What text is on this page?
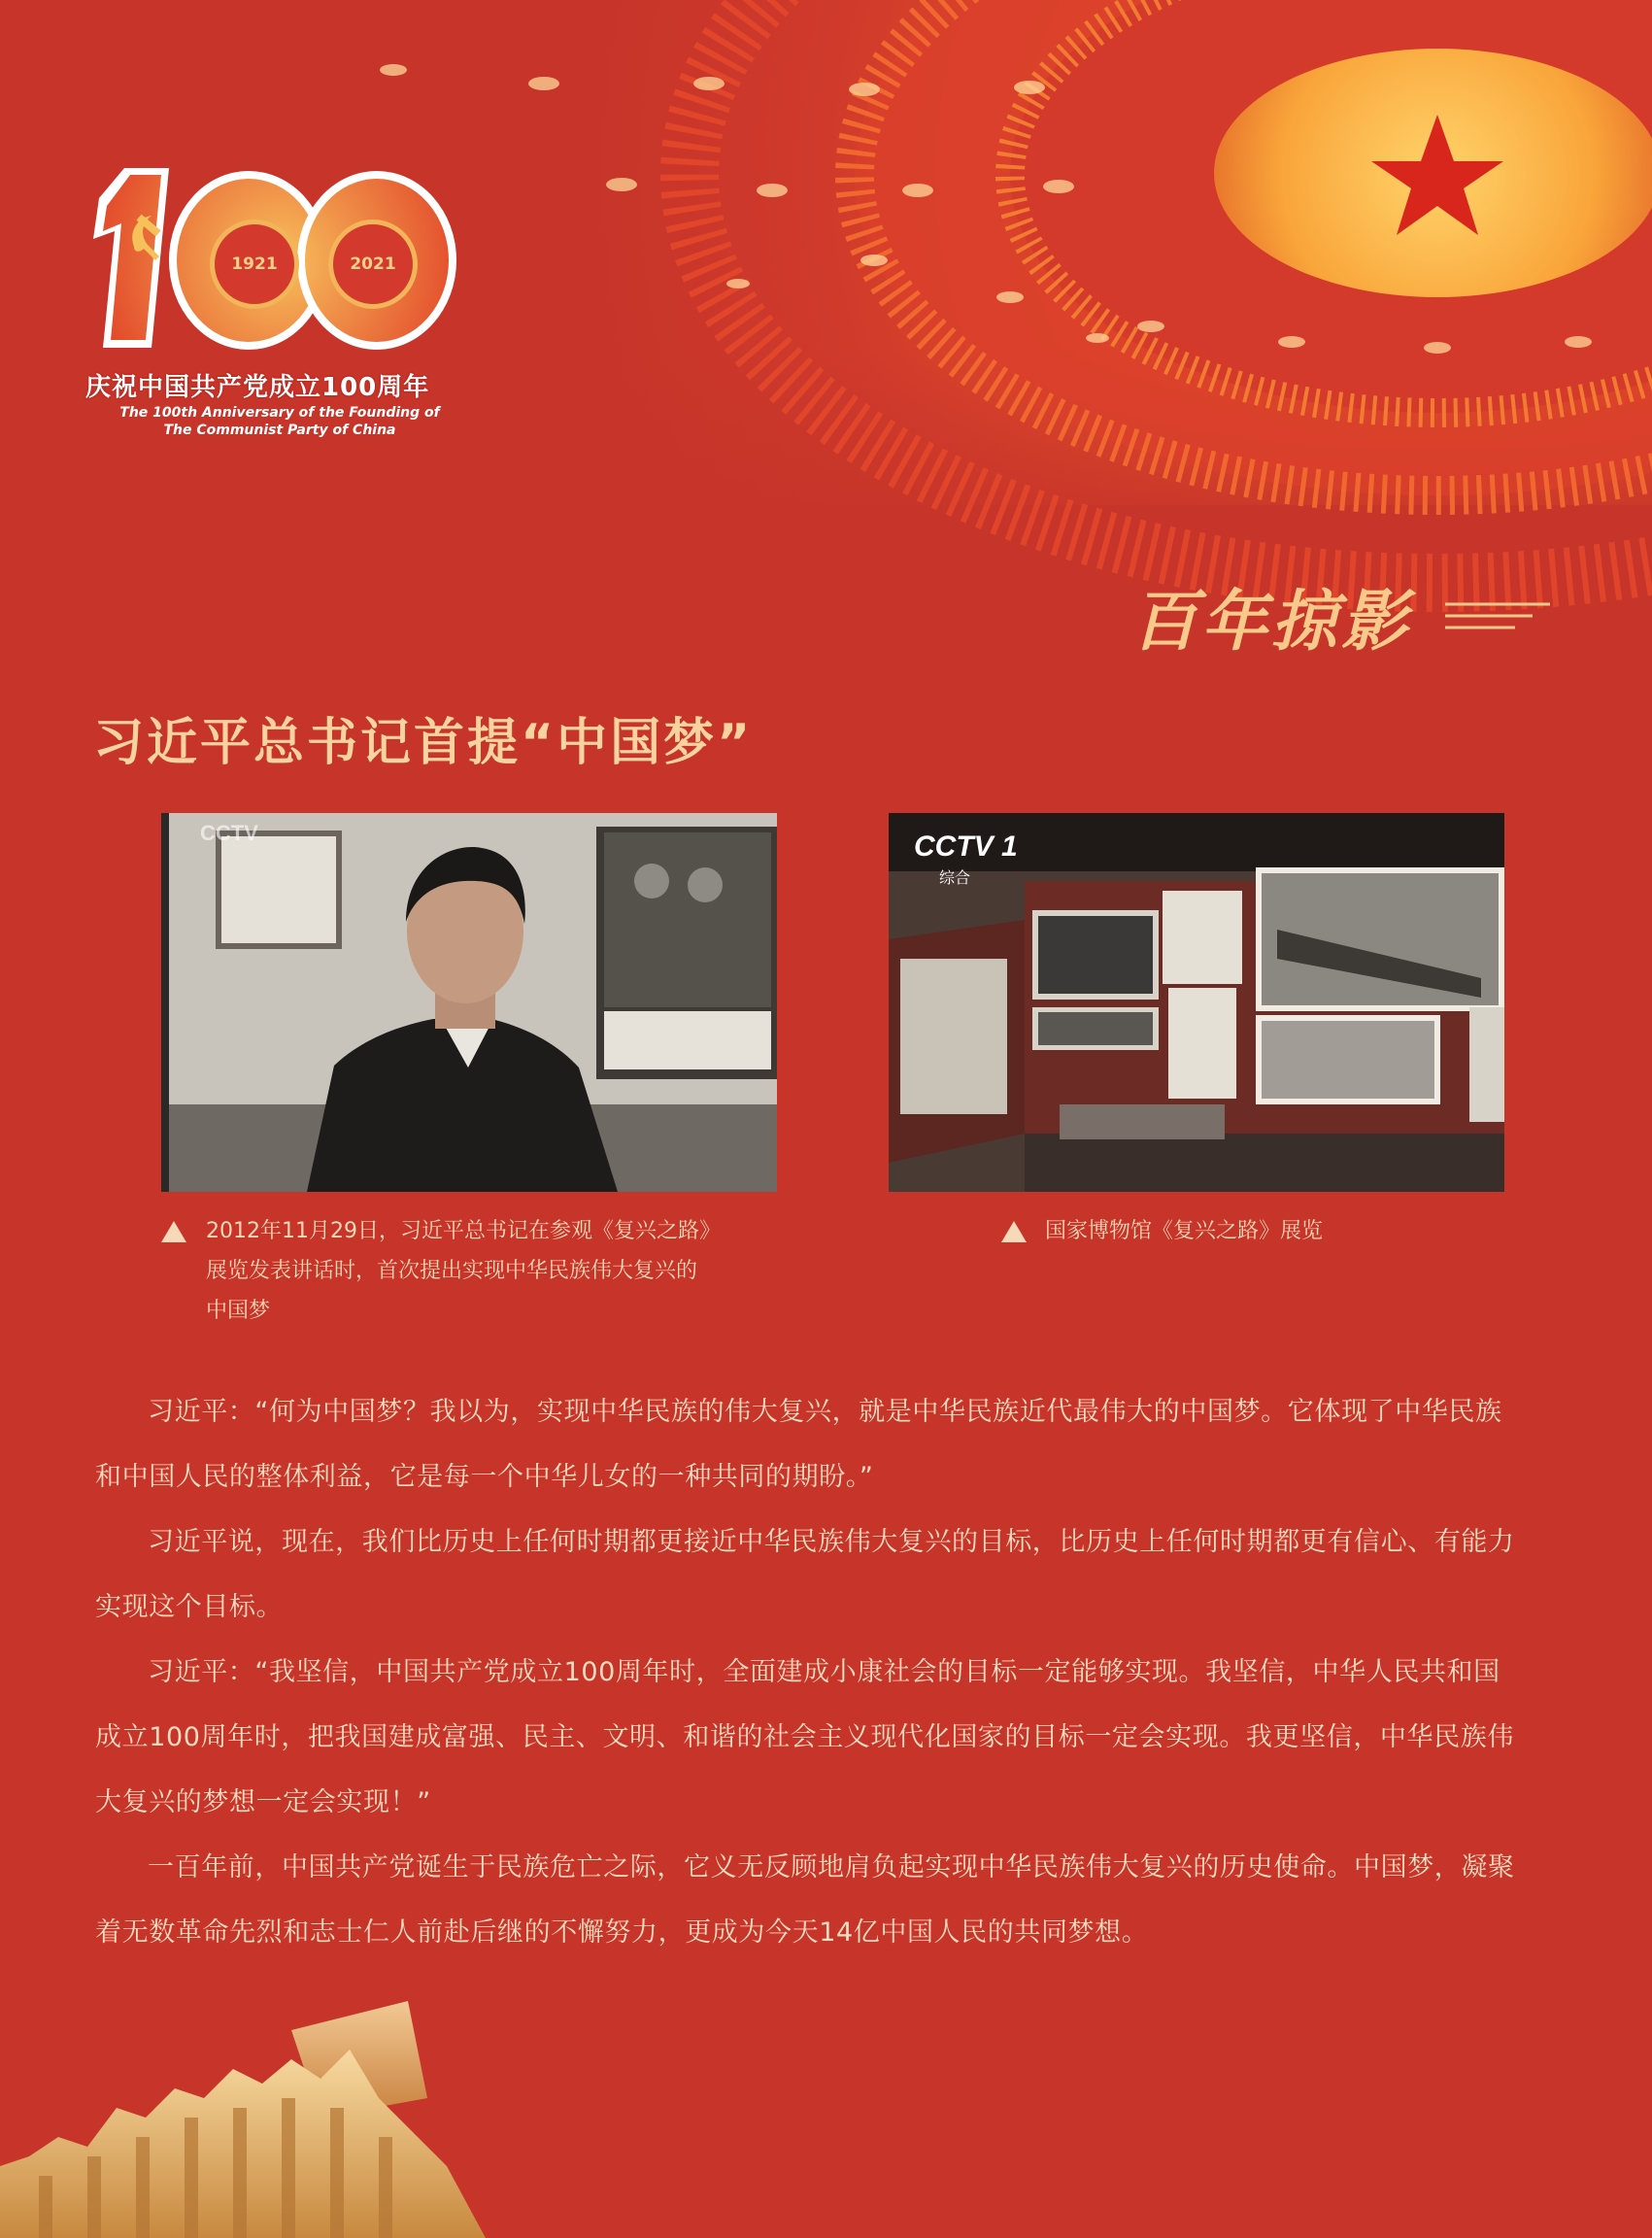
1921	2021
庆祝中国共产党成立100周年
The 100th Anniversary of the Founding of
The Communist Party of China
百年掠影
习近平总书记首提“中国梦”
CCTV	CCTV 1
综合
2012年11月29日，习近平总书记在参观《复兴之路》
展览发表讲话时，首次提出实现中华民族伟大复兴的
中国梦
国家博物馆《复兴之路》展览

习近平：“何为中国梦？我以为，实现中华民族的伟大复兴，就是中华民族近代最伟大的中国梦。它体现了中华民族和中国人民的整体利益，它是每一个中华儿女的一种共同的期盼。”

习近平说，现在，我们比历史上任何时期都更接近中华民族伟大复兴的目标，比历史上任何时期都更有信心、有能力实现这个目标。

习近平：“我坚信，中国共产党成立100周年时，全面建成小康社会的目标一定能够实现。我坚信，中华人民共和国成立100周年时，把我国建成富强、民主、文明、和谐的社会主义现代化国家的目标一定会实现。我更坚信，中华民族伟大复兴的梦想一定会实现！”

一百年前，中国共产党诞生于民族危亡之际，它义无反顾地肩负起实现中华民族伟大复兴的历史使命。中国梦，凝聚着无数革命先烈和志士仁人前赴后继的不懈努力，更成为今天14亿中国人民的共同梦想。
